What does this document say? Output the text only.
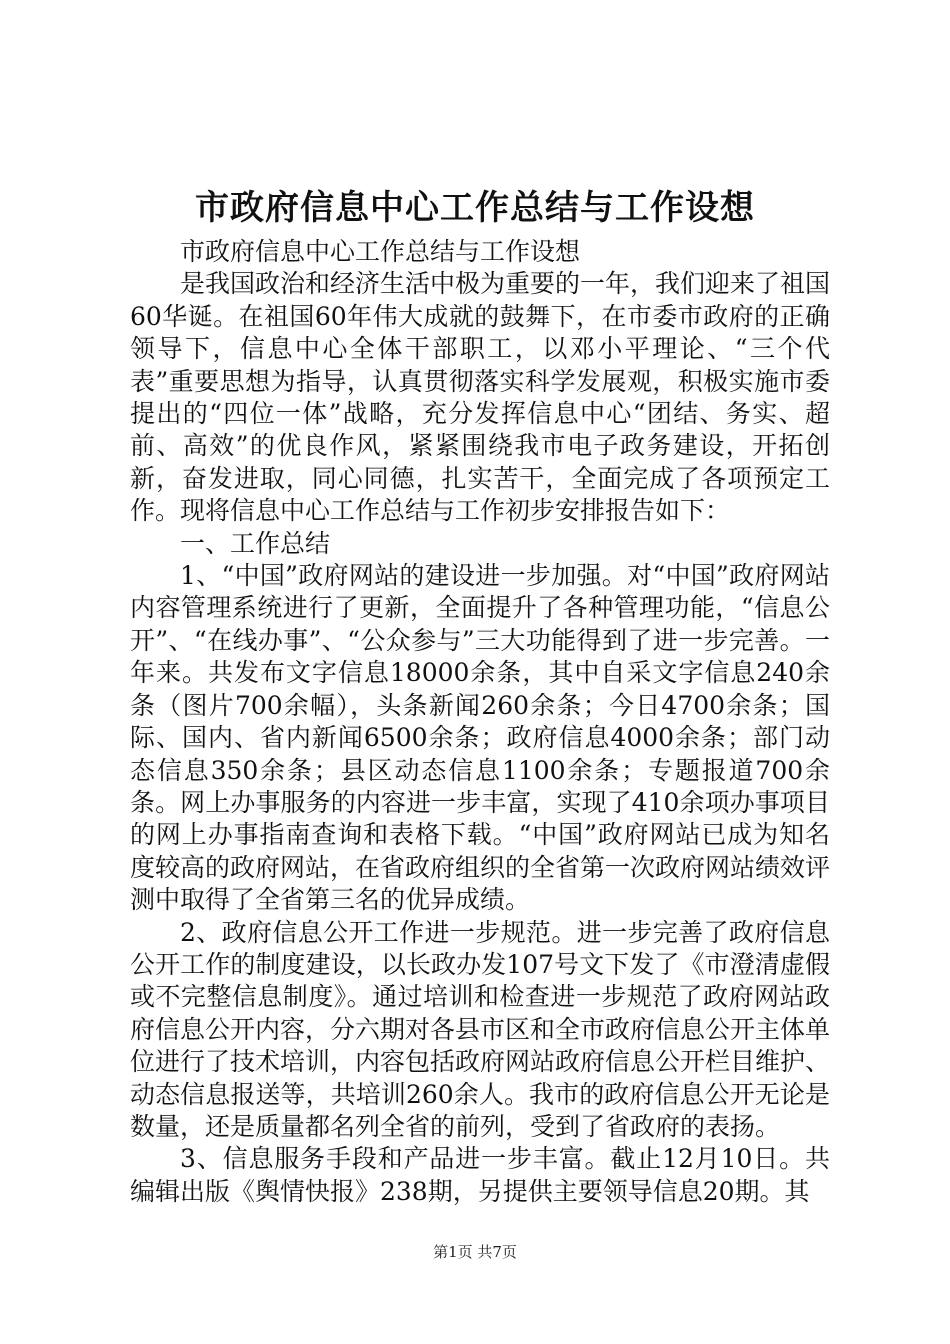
市政府信息中心工作总结与工作设想

市政府信息中心工作总结与工作设想

是我国政治和经济生活中极为重要的一年，我们迎来了祖国60华诞。在祖国60年伟大成就的鼓舞下，在市委市政府的正确领导下，信息中心全体干部职工，以邓小平理论、“三个代表”重要思想为指导，认真贯彻落实科学发展观，积极实施市委提出的“四位一体”战略，充分发挥信息中心“团结、务实、超前、高效”的优良作风，紧紧围绕我市电子政务建设，开拓创新，奋发进取，同心同德，扎实苦干，全面完成了各项预定工作。现将信息中心工作总结与工作初步安排报告如下：

一、工作总结

1、“中国”政府网站的建设进一步加强。对“中国”政府网站内容管理系统进行了更新，全面提升了各种管理功能，“信息公开”、“在线办事”、“公众参与”三大功能得到了进一步完善。一年来。共发布文字信息18000余条，其中自采文字信息240余条（图片700余幅），头条新闻260余条；今日4700余条；国际、国内、省内新闻6500余条；政府信息4000余条；部门动态信息350余条；县区动态信息1100余条；专题报道700余条。网上办事服务的内容进一步丰富，实现了410余项办事项目的网上办事指南查询和表格下载。“中国”政府网站已成为知名度较高的政府网站，在省政府组织的全省第一次政府网站绩效评测中取得了全省第三名的优异成绩。

2、政府信息公开工作进一步规范。进一步完善了政府信息公开工作的制度建设，以长政办发107号文下发了《市澄清虚假或不完整信息制度》。通过培训和检查进一步规范了政府网站政府信息公开内容，分六期对各县市区和全市政府信息公开主体单位进行了技术培训，内容包括政府网站政府信息公开栏目维护、动态信息报送等，共培训260余人。我市的政府信息公开无论是数量，还是质量都名列全省的前列，受到了省政府的表扬。

3、信息服务手段和产品进一步丰富。截止12月10日。共编辑出版《舆情快报》238期，另提供主要领导信息20期。其

第1页 共7页
